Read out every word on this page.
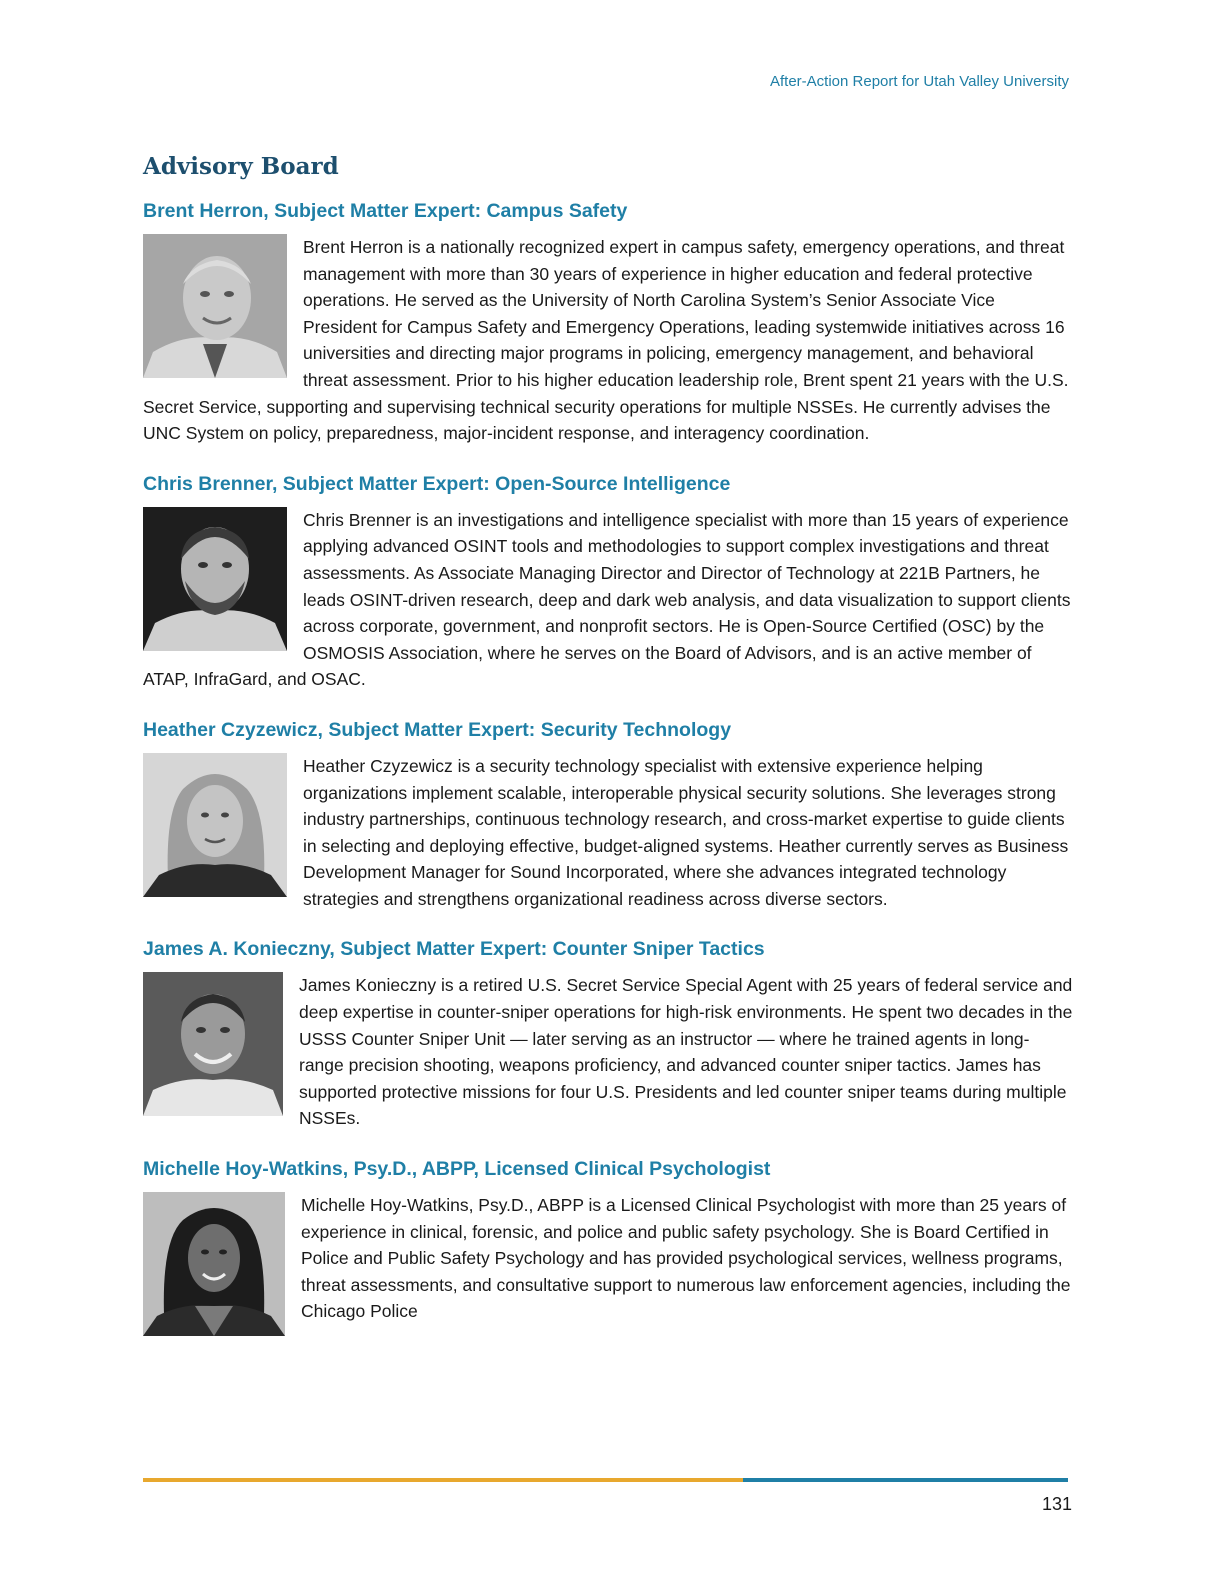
After-Action Report for Utah Valley University
Advisory Board
Brent Herron, Subject Matter Expert: Campus Safety
Brent Herron is a nationally recognized expert in campus safety, emergency operations, and threat management with more than 30 years of experience in higher education and federal protective operations. He served as the University of North Carolina System’s Senior Associate Vice President for Campus Safety and Emergency Operations, leading systemwide initiatives across 16 universities and directing major programs in policing, emergency management, and behavioral threat assessment. Prior to his higher education leadership role, Brent spent 21 years with the U.S. Secret Service, supporting and supervising technical security operations for multiple NSSEs. He currently advises the UNC System on policy, preparedness, major-incident response, and interagency coordination.
Chris Brenner, Subject Matter Expert: Open-Source Intelligence
Chris Brenner is an investigations and intelligence specialist with more than 15 years of experience applying advanced OSINT tools and methodologies to support complex investigations and threat assessments. As Associate Managing Director and Director of Technology at 221B Partners, he leads OSINT-driven research, deep and dark web analysis, and data visualization to support clients across corporate, government, and nonprofit sectors. He is Open-Source Certified (OSC) by the OSMOSIS Association, where he serves on the Board of Advisors, and is an active member of ATAP, InfraGard, and OSAC.
Heather Czyzewicz, Subject Matter Expert: Security Technology
Heather Czyzewicz is a security technology specialist with extensive experience helping organizations implement scalable, interoperable physical security solutions. She leverages strong industry partnerships, continuous technology research, and cross-market expertise to guide clients in selecting and deploying effective, budget-aligned systems. Heather currently serves as Business Development Manager for Sound Incorporated, where she advances integrated technology strategies and strengthens organizational readiness across diverse sectors.
James A. Konieczny, Subject Matter Expert: Counter Sniper Tactics
James Konieczny is a retired U.S. Secret Service Special Agent with 25 years of federal service and deep expertise in counter-sniper operations for high-risk environments. He spent two decades in the USSS Counter Sniper Unit — later serving as an instructor — where he trained agents in long-range precision shooting, weapons proficiency, and advanced counter sniper tactics. James has supported protective missions for four U.S. Presidents and led counter sniper teams during multiple NSSEs.
Michelle Hoy-Watkins, Psy.D., ABPP, Licensed Clinical Psychologist
Michelle Hoy-Watkins, Psy.D., ABPP is a Licensed Clinical Psychologist with more than 25 years of experience in clinical, forensic, and police and public safety psychology. She is Board Certified in Police and Public Safety Psychology and has provided psychological services, wellness programs, threat assessments, and consultative support to numerous law enforcement agencies, including the Chicago Police
131
